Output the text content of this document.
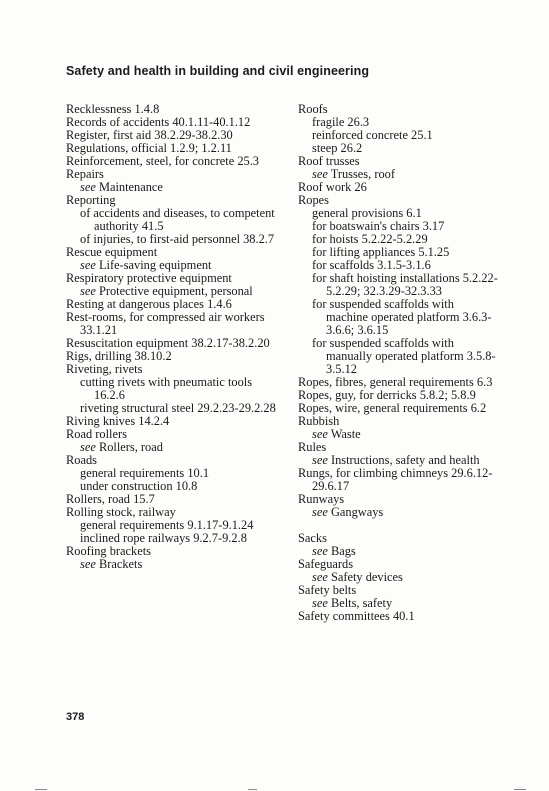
Safety and health in building and civil engineering

Recklessness 1.4.8

Records of accidents 40.1.11-40.1.12

Register, first aid 38.2.29-38.2.30

Regulations, official 1.2.9; 1.2.11

Reinforcement, steel, for concrete 25.3

Repairs

see Maintenance

Reporting

of accidents and diseases, to competent authority 41.5

of injuries, to first-aid personnel 38.2.7

Rescue equipment

see Life-saving equipment

Respiratory protective equipment

see Protective equipment, personal

Resting at dangerous places 1.4.6

Rest-rooms, for compressed air workers 33.1.21

Resuscitation equipment 38.2.17-38.2.20

Rigs, drilling 38.10.2

Riveting, rivets

cutting rivets with pneumatic tools 16.2.6

riveting structural steel 29.2.23-29.2.28

Riving knives 14.2.4

Road rollers

see Rollers, road

Roads

general requirements 10.1

under construction 10.8

Rollers, road 15.7

Rolling stock, railway

general requirements 9.1.17-9.1.24

inclined rope railways 9.2.7-9.2.8

Roofing brackets

see Brackets

Roofs

fragile 26.3

reinforced concrete 25.1

steep 26.2

Roof trusses

see Trusses, roof

Roof work 26

Ropes

general provisions 6.1

for boatswain's chairs 3.17

for hoists 5.2.22-5.2.29

for lifting appliances 5.1.25

for scaffolds 3.1.5-3.1.6

for shaft hoisting installations 5.2.22-5.2.29; 32.3.29-32.3.33

for suspended scaffolds with machine operated platform 3.6.3-3.6.6; 3.6.15

for suspended scaffolds with manually operated platform 3.5.8-3.5.12

Ropes, fibres, general requirements 6.3

Ropes, guy, for derricks 5.8.2; 5.8.9

Ropes, wire, general requirements 6.2

Rubbish

see Waste

Rules

see Instructions, safety and health

Rungs, for climbing chimneys 29.6.12-29.6.17

Runways

see Gangways

Sacks

see Bags

Safeguards

see Safety devices

Safety belts

see Belts, safety

Safety committees 40.1

378
